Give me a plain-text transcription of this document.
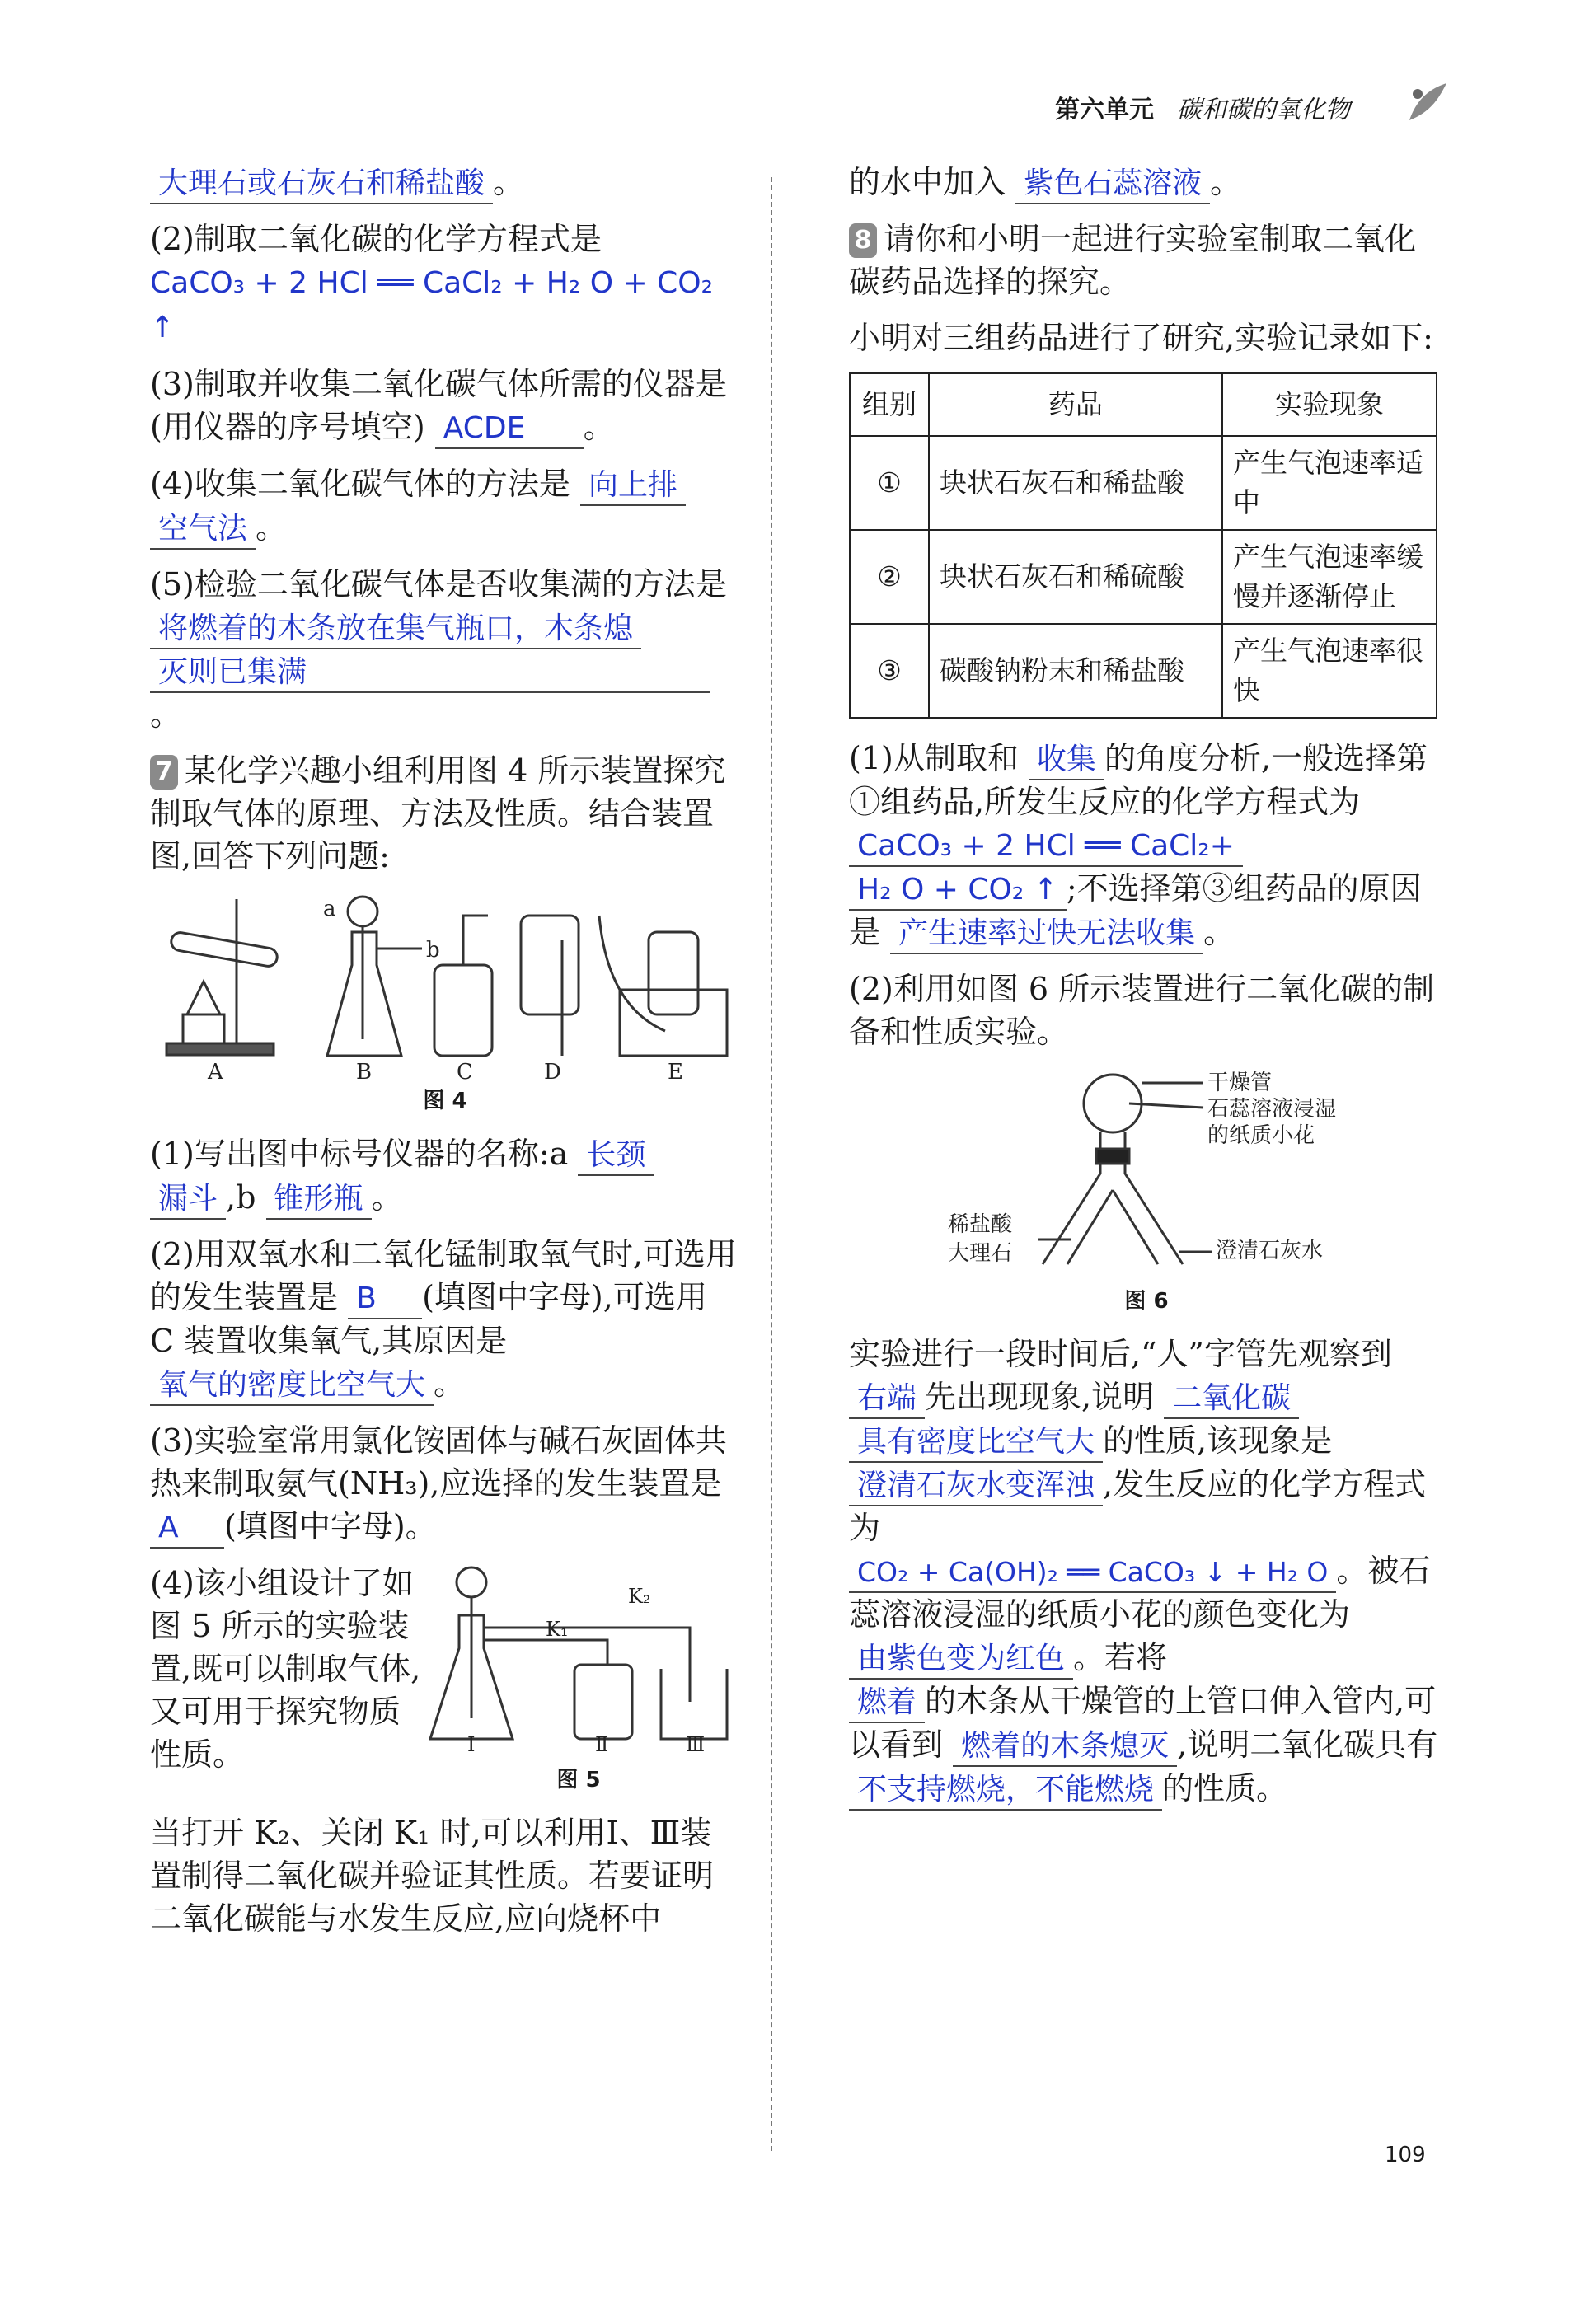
第六单元 碳和碳的氧化物

大理石或石灰石和稀盐酸 。

(2)制取二氧化碳的化学方程式是
CaCO₃ + 2 HCl ══ CaCl₂ + H₂ O + CO₂ ↑

(3)制取并收集二氧化碳气体所需的仪器是(用仪器的序号填空) ACDE 。

(4)收集二氧化碳气体的方法是 向上排
空气法 。

(5)检验二氧化碳气体是否收集满的方法是 将燃着的木条放在集气瓶口，木条熄
灭则已集满。

7 某化学兴趣小组利用图 4 所示装置探究制取气体的原理、方法及性质。结合装置图,回答下列问题:

A	B	C	D	E
a
b
图 4

(1)写出图中标号仪器的名称:a 长颈
漏斗 ,b 锥形瓶 。

(2)用双氧水和二氧化锰制取氧气时,可选用的发生装置是 B (填图中字母),可选用 C 装置收集氧气,其原因是
氧气的密度比空气大 。

(3)实验室常用氯化铵固体与碱石灰固体共热来制取氨气(NH₃),应选择的发生装置是 A (填图中字母)。

(4)该小组设计了如图 5 所示的实验装置,既可以制取气体,又可用于探究物质性质。

K₂
K₁
Ⅰ	Ⅱ	Ⅲ
图 5

当打开 K₂、关闭 K₁ 时,可以利用Ⅰ、Ⅲ装置制得二氧化碳并验证其性质。若要证明二氧化碳能与水发生反应,应向烧杯中

的水中加入 紫色石蕊溶液 。

8 请你和小明一起进行实验室制取二氧化碳药品选择的探究。

小明对三组药品进行了研究,实验记录如下:

组别	药品	实验现象
①	块状石灰石和稀盐酸	产生气泡速率适中
②	块状石灰石和稀硫酸	产生气泡速率缓慢并逐渐停止
③	碳酸钠粉末和稀盐酸	产生气泡速率很快

(1)从制取和 收集 的角度分析,一般选择第①组药品,所发生反应的化学方程式为 CaCO₃ + 2 HCl ══ CaCl₂+
H₂ O + CO₂ ↑ ;不选择第③组药品的原因是 产生速率过快无法收集 。

(2)利用如图 6 所示装置进行二氧化碳的制备和性质实验。

干燥管
石蕊溶液浸湿
的纸质小花
稀盐酸
大理石	澄清石灰水
图 6

实验进行一段时间后,“人”字管先观察到
右端 先出现现象,说明 二氧化碳
具有密度比空气大 的性质,该现象是
澄清石灰水变浑浊 ,发生反应的化学方程式为
CO₂ + Ca(OH)₂ ══ CaCO₃ ↓ + H₂ O 。被石蕊溶液浸湿的纸质小花的颜色变化为 由紫色变为红色 。若将
燃着 的木条从干燥管的上管口伸入管内,可以看到 燃着的木条熄灭 ,说明二氧化碳具有 不支持燃烧，不能燃烧 的性质。

109
